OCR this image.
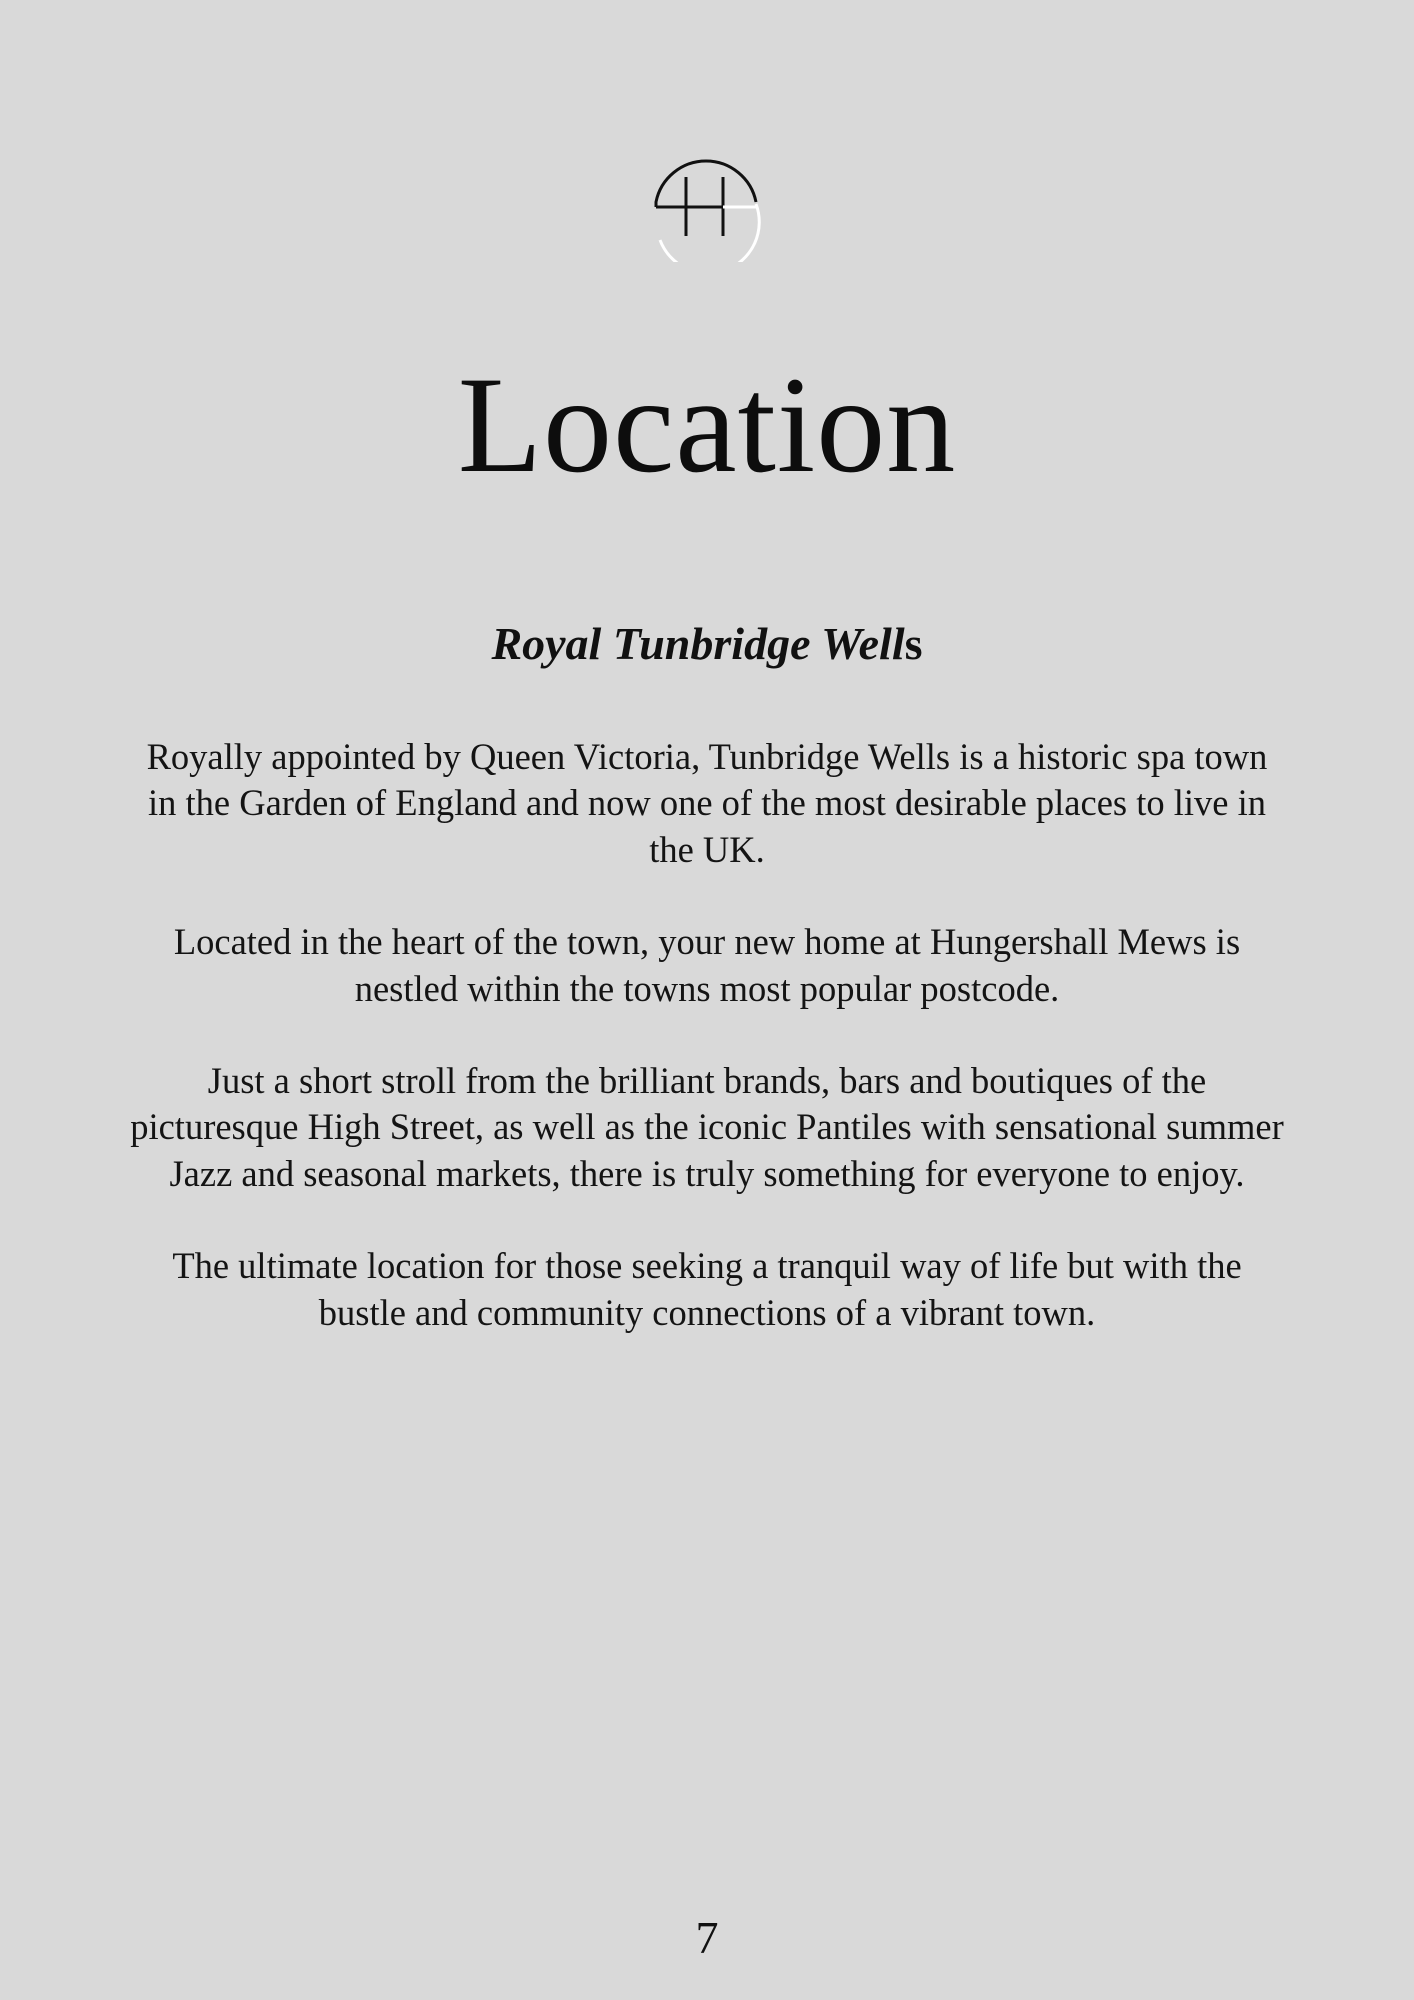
Location
Royal Tunbridge Wells

Royally appointed by Queen Victoria, Tunbridge Wells is a historic spa town in the Garden of England and now one of the most desirable places to live in the UK.

Located in the heart of the town, your new home at Hungershall Mews is nestled within the towns most popular postcode.

Just a short stroll from the brilliant brands, bars and boutiques of the picturesque High Street, as well as the iconic Pantiles with sensational summer Jazz and seasonal markets, there is truly something for everyone to enjoy.

The ultimate location for those seeking a tranquil way of life but with the bustle and community connections of a vibrant town.

7
